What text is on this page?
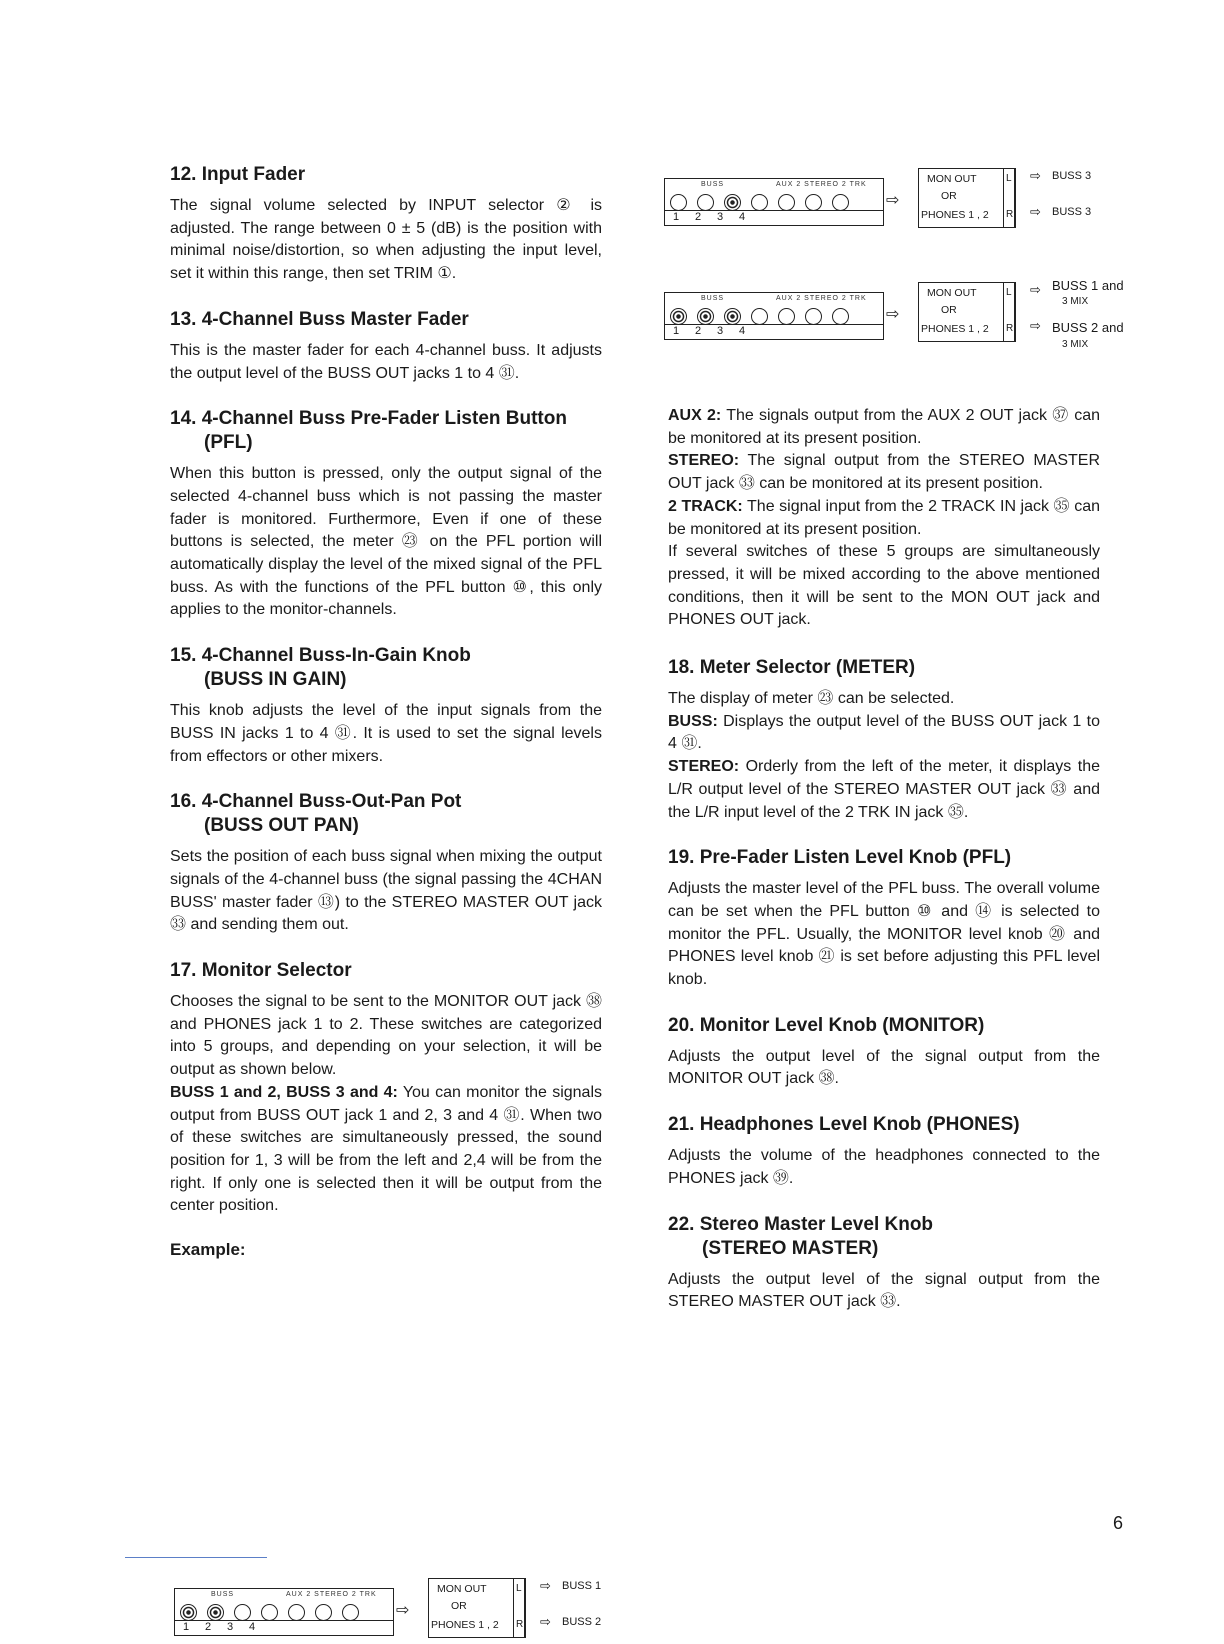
12. Input Fader

The signal volume selected by INPUT selector ② is adjusted. The range between 0 ± 5 (dB) is the position with minimal noise/distortion, so when adjusting the input level, set it within this range, then set TRIM ①.

13. 4-Channel Buss Master Fader

This is the master fader for each 4-channel buss. It adjusts the output level of the BUSS OUT jacks 1 to 4 ㉛.

14. 4-Channel Buss Pre-Fader Listen Button
(PFL)

When this button is pressed, only the output signal of the selected 4-channel buss which is not passing the master fader is monitored. Furthermore, Even if one of these buttons is selected, the meter ㉓ on the PFL portion will automatically display the level of the mixed signal of the PFL buss. As with the functions of the PFL button ⑩, this only applies to the monitor-channels.

15. 4-Channel Buss-In-Gain Knob
(BUSS IN GAIN)

This knob adjusts the level of the input signals from the BUSS IN jacks 1 to 4 ㉛. It is used to set the signal levels from effectors or other mixers.

16. 4-Channel Buss-Out-Pan Pot
(BUSS OUT PAN)

Sets the position of each buss signal when mixing the output signals of the 4-channel buss (the signal passing the 4CHAN BUSS' master fader ⑬) to the STEREO MASTER OUT jack ㉝ and sending them out.

17. Monitor Selector

Chooses the signal to be sent to the MONITOR OUT jack ㊳ and PHONES jack 1 to 2. These switches are categorized into 5 groups, and depending on your selection, it will be output as shown below.

BUSS 1 and 2, BUSS 3 and 4: You can monitor the signals output from BUSS OUT jack 1 and 2, 3 and 4 ㉛. When two of these switches are simultaneously pressed, the sound position for 1, 3 will be from the left and 2,4 will be from the right. If only one is selected then it will be output from the center position.

Example:
BUSS	AUX 2 STEREO 2 TRK
1 2 3 4
⇨
MON OUT
OR
PHONES 1 , 2
L
R
⇨
⇨
BUSS 3
BUSS 3
BUSS	AUX 2 STEREO 2 TRK
1 2 3 4
⇨
MON OUT
OR
PHONES 1 , 2
L
R
⇨
⇨
BUSS 1 and
BUSS 2 and
3 MIX
3 MIX
BUSS	AUX 2 STEREO 2 TRK
1 2 3 4
⇨
MON OUT
OR
PHONES 1 , 2
L
R
⇨
⇨
BUSS 1
BUSS 2

AUX 2: The signals output from the AUX 2 OUT jack ㊲ can be monitored at its present position.

STEREO: The signal output from the STEREO MASTER OUT jack ㉝ can be monitored at its present position.

2 TRACK: The signal input from the 2 TRACK IN jack ㉟ can be monitored at its present position.

If several switches of these 5 groups are simultaneously pressed, it will be mixed according to the above mentioned conditions, then it will be sent to the MON OUT jack and PHONES OUT jack.

18. Meter Selector (METER)

The display of meter ㉓ can be selected.

BUSS: Displays the output level of the BUSS OUT jack 1 to 4 ㉛.

STEREO: Orderly from the left of the meter, it displays the L/R output level of the STEREO MASTER OUT jack ㉝ and the L/R input level of the 2 TRK IN jack ㉟.

19. Pre-Fader Listen Level Knob (PFL)

Adjusts the master level of the PFL buss. The overall volume can be set when the PFL button ⑩ and ⑭ is selected to monitor the PFL. Usually, the MONITOR level knob ⑳ and PHONES level knob ㉑ is set before adjusting this PFL level knob.

20. Monitor Level Knob (MONITOR)

Adjusts the output level of the signal output from the MONITOR OUT jack ㊳.

21. Headphones Level Knob (PHONES)

Adjusts the volume of the headphones connected to the PHONES jack ㊴.

22. Stereo Master Level Knob
(STEREO MASTER)

Adjusts the output level of the signal output from the STEREO MASTER OUT jack ㉝.

6
